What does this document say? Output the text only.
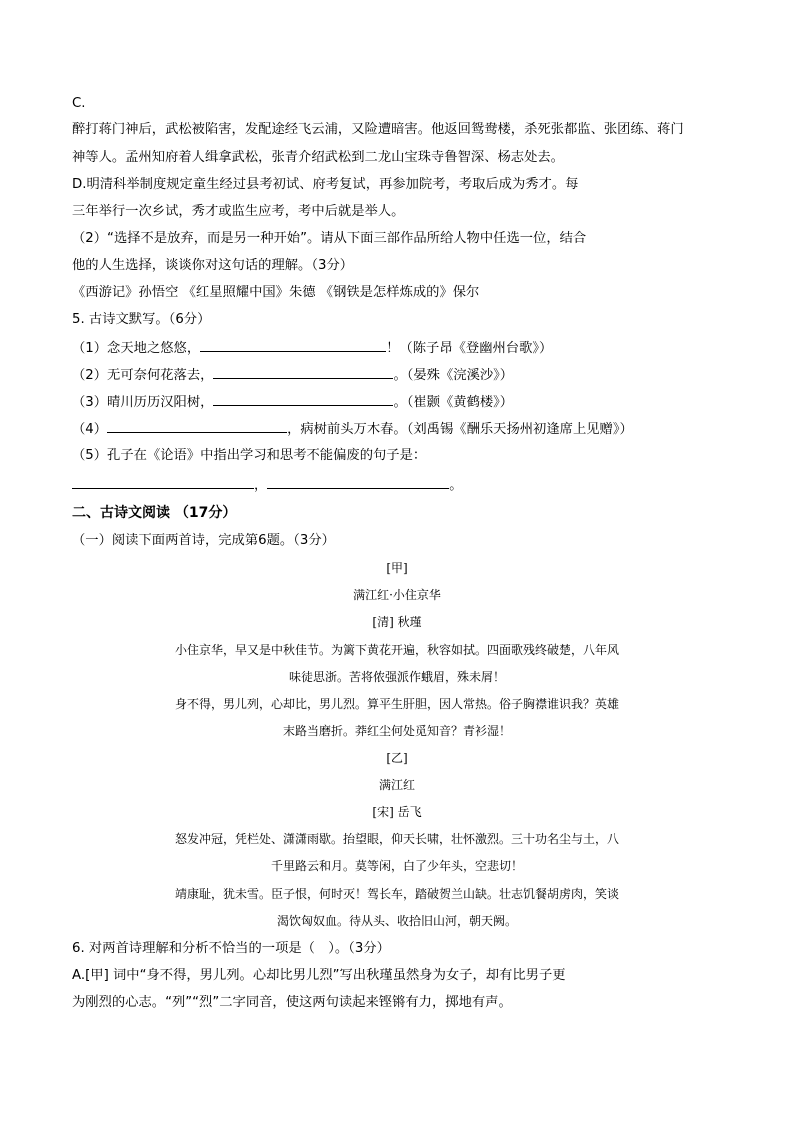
C.
醉打蒋门神后，武松被陷害，发配途经飞云浦，又险遭暗害。他返回鸳鸯楼，杀死张都监、张团练、蒋门
神等人。孟州知府着人缉拿武松，张青介绍武松到二龙山宝珠寺鲁智深、杨志处去。
D.明清科举制度规定童生经过县考初试、府考复试，再参加院考，考取后成为秀才。每
三年举行一次乡试，秀才或监生应考，考中后就是举人。
（2）“选择不是放弃，而是另一种开始”。请从下面三部作品所给人物中任选一位，结合
他的人生选择，谈谈你对这句话的理解。（3分）
《西游记》孙悟空 《红星照耀中国》朱德 《钢铁是怎样炼成的》保尔
5. 古诗文默写。（6分）
（1）念天地之悠悠，	！（陈子昂《登幽州台歌》）
（2）无可奈何花落去，	。（晏殊《浣溪沙》）
（3）晴川历历汉阳树，	。（崔颢《黄鹤楼》）
（4）	，病树前头万木春。（刘禹锡《酬乐天扬州初逢席上见赠》）
（5）孔子在《论语》中指出学习和思考不能偏废的句子是：
，	。
二、古诗文阅读 （17分）
（一）阅读下面两首诗，完成第6题。（3分）
[甲]
满江红·小住京华
[清] 秋瑾
小住京华，早又是中秋佳节。为篱下黄花开遍，秋容如拭。四面歌残终破楚，八年风
味徒思浙。苦将侬强派作蛾眉，殊未屑！
身不得，男儿列，心却比，男儿烈。算平生肝胆，因人常热。俗子胸襟谁识我？英雄
末路当磨折。莽红尘何处觅知音？青衫湿！
[乙]
满江红
[宋] 岳飞
怒发冲冠，凭栏处、潇潇雨歇。抬望眼，仰天长啸，壮怀激烈。三十功名尘与土，八
千里路云和月。莫等闲，白了少年头，空悲切！
靖康耻，犹未雪。臣子恨，何时灭！驾长车，踏破贺兰山缺。壮志饥餐胡虏肉，笑谈
渴饮匈奴血。待从头、收拾旧山河，朝天阙。
6. 对两首诗理解和分析不恰当的一项是（　）。（3分）
A.[甲] 词中“身不得，男儿列。心却比男儿烈”写出秋瑾虽然身为女子，却有比男子更
为刚烈的心志。“列”“烈”二字同音，使这两句读起来铿锵有力，掷地有声。
